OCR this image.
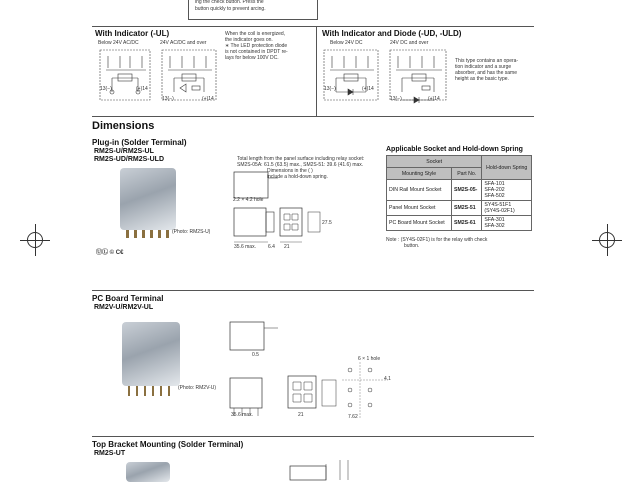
ing the check button. Press the
button quickly to prevent arcing.
With Indicator (-UL)
Below 24V AC/DC	24V AC/DC and over
When the coil is energized,
the indicator goes on.
∗ The LED protection diode
is not contained in DPDT re-
lays for below 100V DC.
13(−)	(+)14
13(−)	(+)14
With Indicator and Diode (-UD, -ULD)
Below 24V DC	24V DC and over
13(−)	(+)14
13(−)	(+)14
This type contains an opera-
tion indicator and a surge
absorber, and has the same
height as the basic type.
Dimensions
Plug-in (Solder Terminal)
RM2S-U/RM2S-UL
RM2S-UD/RM2S-ULD
(Photo: RM2S-U)
ⓊⓁ © C€
Total length from the panel surface including relay socket:
SM2S-05A: 61.5 (63.5) max., SM2S-51: 39.6 (41.6) max.
Dimensions in the ( )
include a hold-down spring.
2.2 × 4.2 hole
35.6 max. 6.4 21
27.5
Applicable Socket and Hold-down Spring
Socket		Hold-down Spring
Mounting Style	Part No.	
DIN Rail Mount Socket	SM2S-05-	SFA-101
SFA-202
SFA-502

Panel Mount Socket	SM2S-51	SY4S-51F1
(SY4S-02F1)

PC Board Mount Socket	SM2S-61	SFA-301
SFA-302
Note : (SY4S-02F1) is for the relay with check
button.
PC Board Terminal
RM2V-U/RM2V-UL
(Photo: RM2V-U)
35.6 max.	21
0.5
6 × 1 hole
7.62
4.1
Top Bracket Mounting (Solder Terminal)
RM2S-UT
